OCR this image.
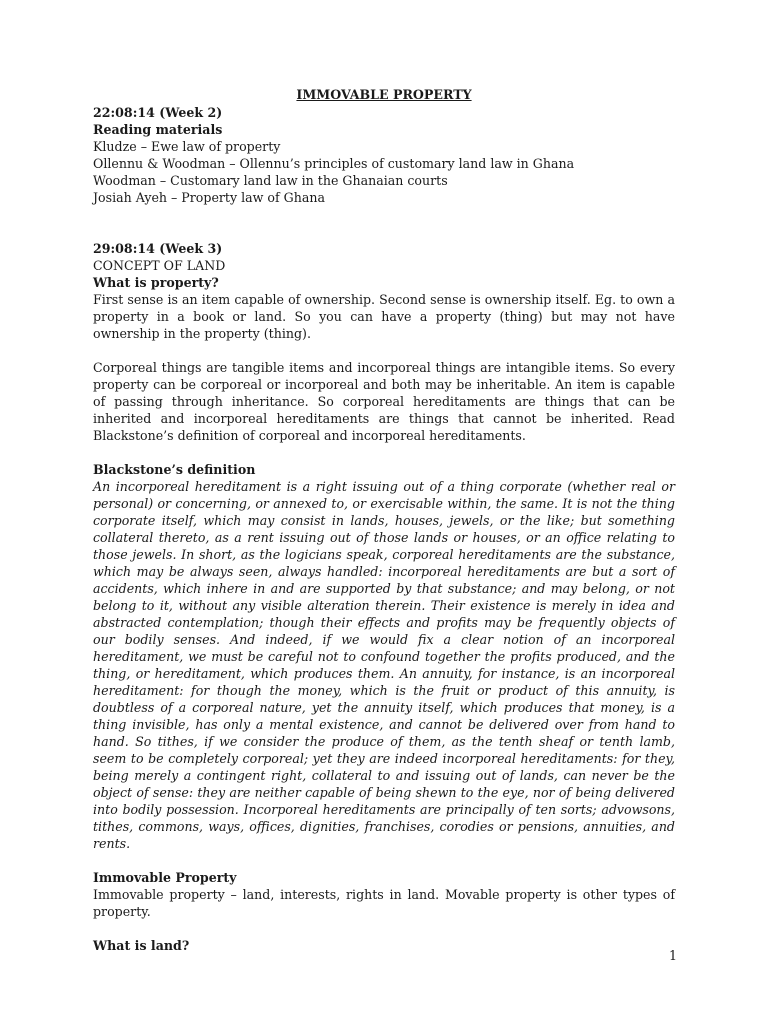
IMMOVABLE PROPERTY

22:08:14 (Week 2)

Reading materials

Kludze – Ewe law of property

Ollennu & Woodman – Ollennu’s principles of customary land law in Ghana

Woodman – Customary land law in the Ghanaian courts

Josiah Ayeh – Property law of Ghana

29:08:14 (Week 3)

CONCEPT OF LAND

What is property?

First sense is an item capable of ownership. Second sense is ownership itself. Eg. to own a property in a book or land. So you can have a property (thing) but may not have ownership in the property (thing).

Corporeal things are tangible items and incorporeal things are intangible items. So every property can be corporeal or incorporeal and both may be inheritable. An item is capable of passing through inheritance. So corporeal hereditaments are things that can be inherited and incorporeal hereditaments are things that cannot be inherited. Read Blackstone’s definition of corporeal and incorporeal hereditaments.

Blackstone’s definition

An incorporeal hereditament is a right issuing out of a thing corporate (whether real or personal) or concerning, or annexed to, or exercisable within, the same. It is not the thing corporate itself, which may consist in lands, houses, jewels, or the like; but something collateral thereto, as a rent issuing out of those lands or houses, or an office relating to those jewels. In short, as the logicians speak, corporeal hereditaments are the substance, which may be always seen, always handled: incorporeal hereditaments are but a sort of accidents, which inhere in and are supported by that substance; and may belong, or not belong to it, without any visible alteration therein. Their existence is merely in idea and abstracted contemplation; though their effects and profits may be frequently objects of our bodily senses. And indeed, if we would fix a clear notion of an incorporeal hereditament, we must be careful not to confound together the profits produced, and the thing, or hereditament, which produces them. An annuity, for instance, is an incorporeal hereditament: for though the money, which is the fruit or product of this annuity, is doubtless of a corporeal nature, yet the annuity itself, which produces that money, is a thing invisible, has only a mental existence, and cannot be delivered over from hand to hand. So tithes, if we consider the produce of them, as the tenth sheaf or tenth lamb, seem to be completely corporeal; yet they are indeed incorporeal hereditaments: for they, being merely a contingent right, collateral to and issuing out of lands, can never be the object of sense: they are neither capable of being shewn to the eye, nor of being delivered into bodily possession. Incorporeal hereditaments are principally of ten sorts; advowsons, tithes, commons, ways, offices, dignities, franchises, corodies or pensions, annuities, and rents.

Immovable Property

Immovable property – land, interests, rights in land. Movable property is other types of property.

What is land?

1
